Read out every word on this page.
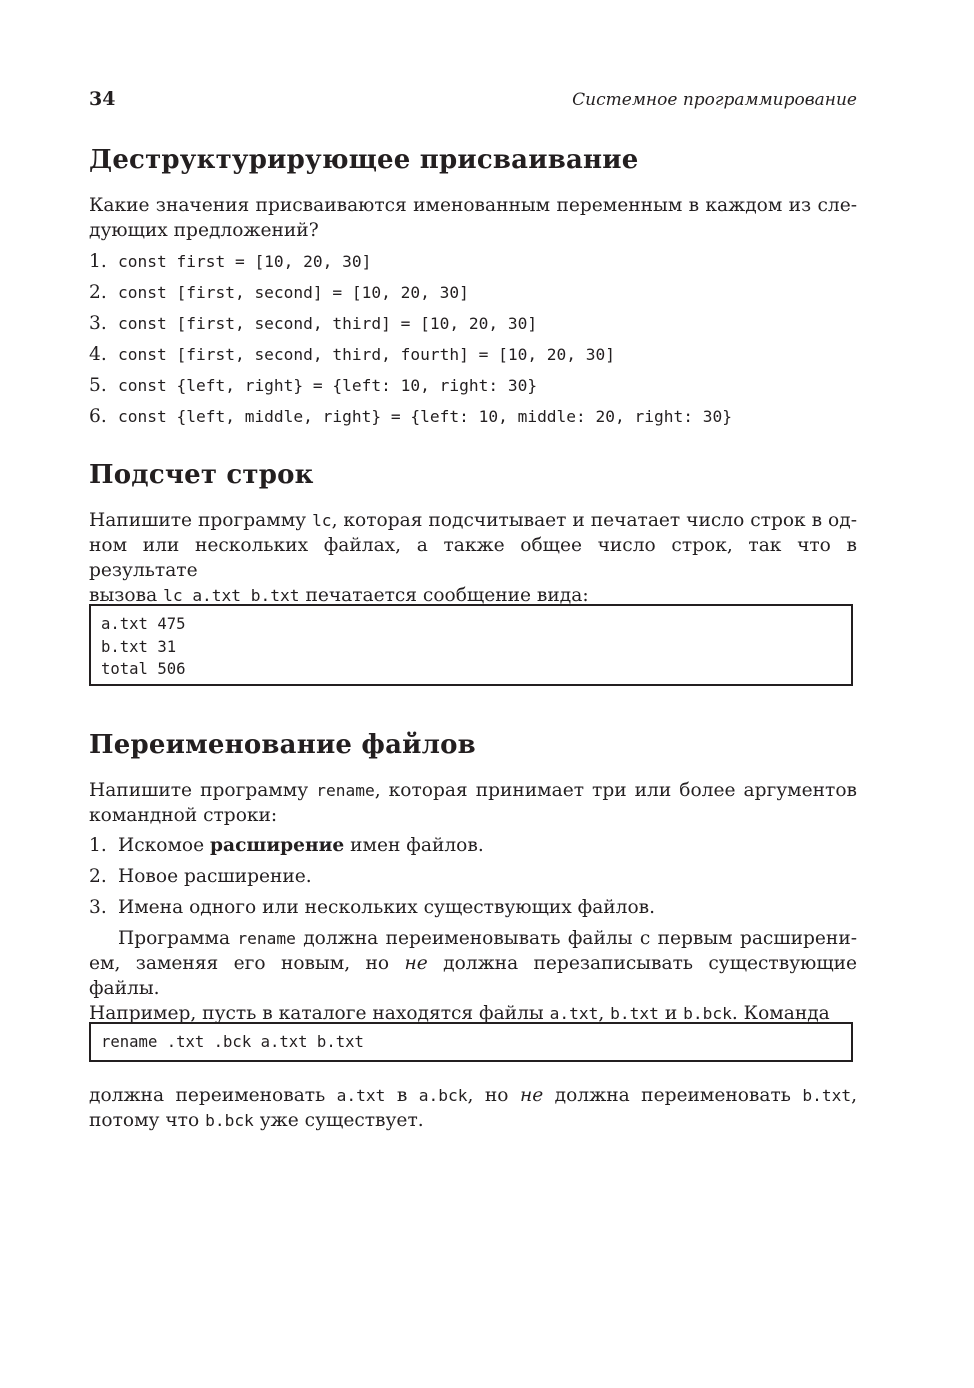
34	Системное программирование
Деструктурирующее присваивание
Какие значения присваиваются именованным переменным в каждом из сле-
дующих предложений?
1. const first = [10, 20, 30]
2. const [first, second] = [10, 20, 30]
3. const [first, second, third] = [10, 20, 30]
4. const [first, second, third, fourth] = [10, 20, 30]
5. const {left, right} = {left: 10, right: 30}
6. const {left, middle, right} = {left: 10, middle: 20, right: 30}
Подсчет строк
Напишите программу lc, которая подсчитывает и печатает число строк в од-
ном или нескольких файлах, а также общее число строк, так что в результате
вызова lc a.txt b.txt печатается сообщение вида:
a.txt 475
b.txt 31
total 506
Переименование файлов
Напишите программу rename, которая принимает три или более аргументов
командной строки:
1. Искомое расширение имен файлов.
2. Новое расширение.
3. Имена одного или нескольких существующих файлов.
Программа rename должна переименовывать файлы с первым расширени-
ем, заменяя его новым, но не должна перезаписывать существующие файлы.
Например, пусть в каталоге находятся файлы a.txt, b.txt и b.bck. Команда
rename .txt .bck a.txt b.txt
должна переименовать a.txt в a.bck, но не должна переименовать b.txt,
потому что b.bck уже существует.
